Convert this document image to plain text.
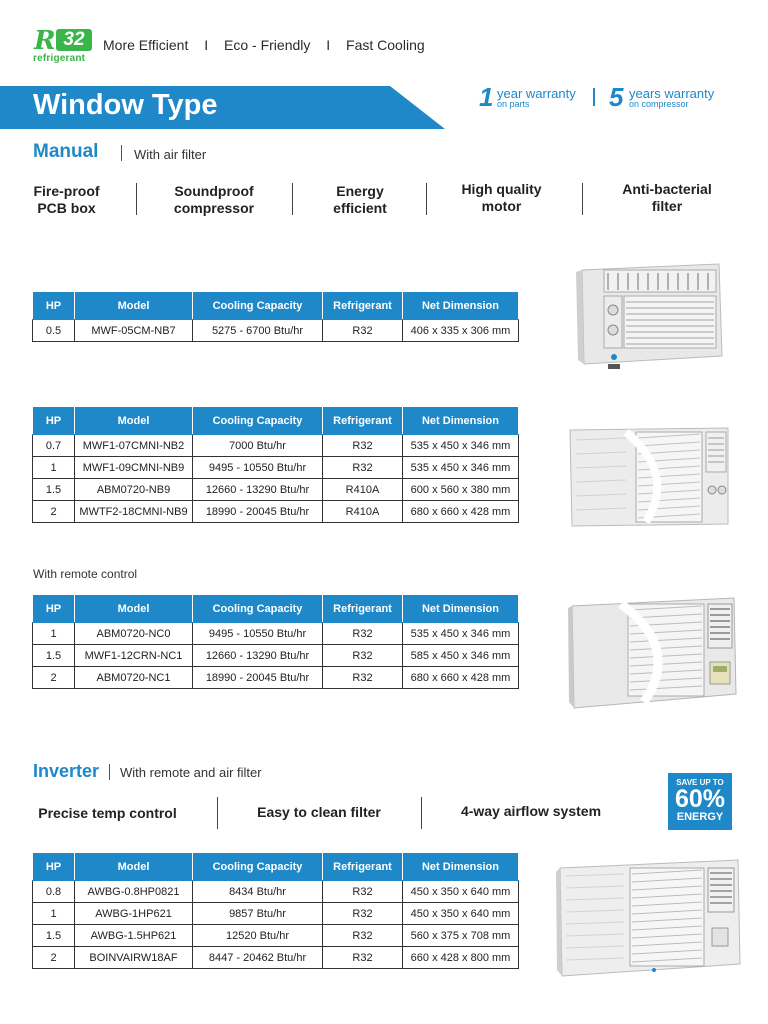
R 32
refrigerant
More Efficient I Eco - Friendly I Fast Cooling
Window Type	1 year warranty
on parts	5 years warranty
on compressor
Manual	With air filter
Fire-proof
PCB box
Soundproof
compressor
Energy
efficient
High quality
motor
Anti-bacterial
filter
HP	Model	Cooling Capacity	Refrigerant	Net Dimension
0.5	MWF-05CM-NB7	5275 - 6700 Btu/hr	R32	406 x 335 x 306 mm
HP	Model	Cooling Capacity	Refrigerant	Net Dimension
0.7	MWF1-07CMNI-NB2	7000 Btu/hr	R32	535 x 450 x 346 mm
1	MWF1-09CMNI-NB9	9495 - 10550 Btu/hr	R32	535 x 450 x 346 mm
1.5	ABM0720-NB9	12660 - 13290 Btu/hr	R410A	600 x 560 x 380 mm
2	MWTF2-18CMNI-NB9	18990 - 20045 Btu/hr	R410A	680 x 660 x 428 mm
With remote control
HP	Model	Cooling Capacity	Refrigerant	Net Dimension
1	ABM0720-NC0	9495 - 10550 Btu/hr	R32	535 x 450 x 346 mm
1.5	MWF1-12CRN-NC1	12660 - 13290 Btu/hr	R32	585 x 450 x 346 mm
2	ABM0720-NC1	18990 - 20045 Btu/hr	R32	680 x 660 x 428 mm
Inverter With remote and air filter
Precise temp control	Easy to clean filter	4-way airflow system
SAVE UP TO
60%
ENERGY
HP	Model	Cooling Capacity	Refrigerant	Net Dimension
0.8	AWBG-0.8HP0821	8434 Btu/hr	R32	450 x 350 x 640 mm
1	AWBG-1HP621	9857 Btu/hr	R32	450 x 350 x 640 mm
1.5	AWBG-1.5HP621	12520 Btu/hr	R32	560 x 375 x 708 mm
2	BOINVAIRW18AF	8447 - 20462 Btu/hr	R32	660 x 428 x 800 mm
